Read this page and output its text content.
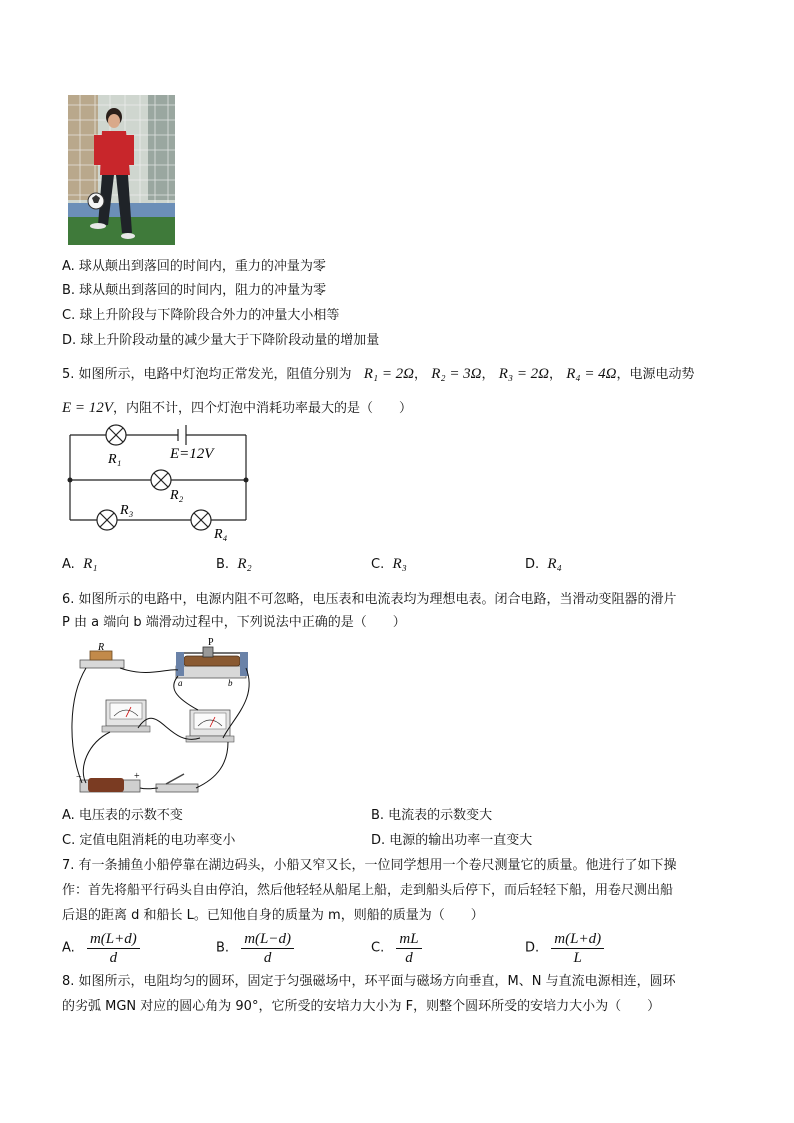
A. 球从颠出到落回的时间内，重力的冲量为零
B. 球从颠出到落回的时间内，阻力的冲量为零
C. 球上升阶段与下降阶段合外力的冲量大小相等
D. 球上升阶段动量的减少量大于下降阶段动量的增加量
5. 如图所示，电路中灯泡均正常发光，阻值分别为 R₁ = 2Ω， R₂ = 3Ω， R₃ = 2Ω， R₄ = 4Ω，电源电动势
E = 12V，内阻不计，四个灯泡中消耗功率最大的是（　　）
R₁	E=12V
R₂
R₃
R₄
A. R₁	B. R₂	C. R₃	D. R₄
6. 如图所示的电路中，电源内阻不可忽略，电压表和电流表均为理想电表。闭合电路，当滑动变阻器的滑片
P 由 a 端向 b 端滑动过程中，下列说法中正确的是（　　）
R	P
a	b
−	+
A. 电压表的示数不变	B. 电流表的示数变大
C. 定值电阻消耗的电功率变小	D. 电源的输出功率一直变大
7. 有一条捕鱼小船停靠在湖边码头，小船又窄又长，一位同学想用一个卷尺测量它的质量。他进行了如下操
作：首先将船平行码头自由停泊，然后他轻轻从船尾上船，走到船头后停下，而后轻轻下船，用卷尺测出船
后退的距离 d 和船长 L。已知他自身的质量为 m，则船的质量为（　　）
A. $\frac{m(L+d)}{d}$	B. $\frac{m(L-d)}{d}$	C. $\frac{mL}{d}$	D. $\frac{m(L+d)}{L}$
8. 如图所示，电阻均匀的圆环，固定于匀强磁场中，环平面与磁场方向垂直，M、N 与直流电源相连，圆环
的劣弧 MGN 对应的圆心角为 90°，它所受的安培力大小为 F，则整个圆环所受的安培力大小为（　　）
